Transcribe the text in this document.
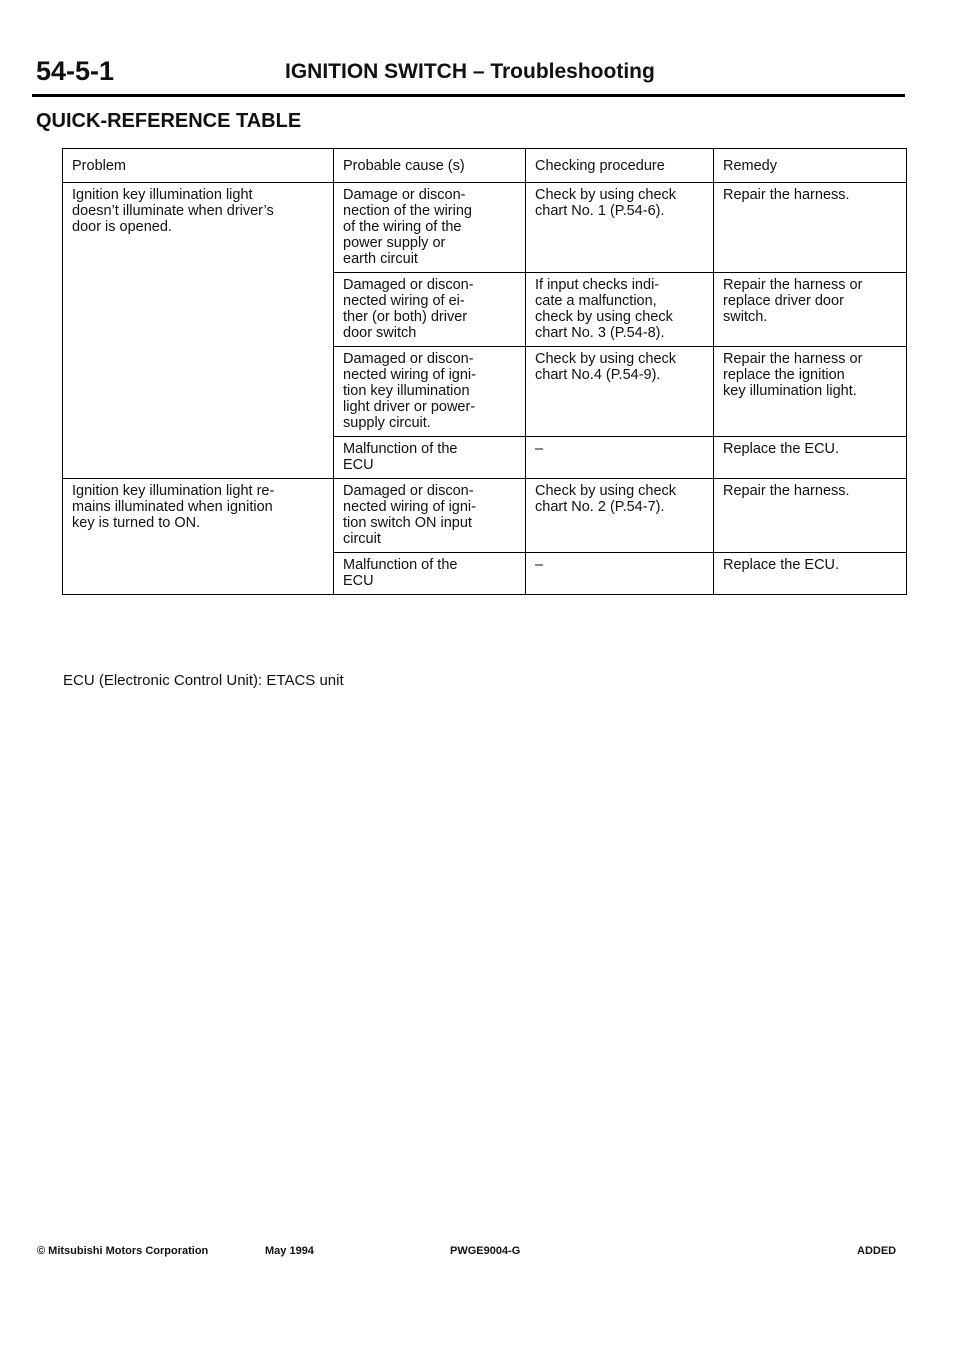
54-5-1	IGNITION SWITCH – Troubleshooting
QUICK-REFERENCE TABLE
Problem	Probable cause (s)	Checking procedure	Remedy
Ignition key illumination light
doesn’t illuminate when driver’s
door is opened.	Damage or discon-
nection of the wiring
of the wiring of the
power supply or
earth circuit	Check by using check
chart No. 1 (P.54-6).	Repair the harness.
	Damaged or discon-
nected wiring of ei-
ther (or both) driver
door switch	If input checks indi-
cate a malfunction,
check by using check
chart No. 3 (P.54-8).	Repair the harness or
replace driver door
switch.
	Damaged or discon-
nected wiring of igni-
tion key illumination
light driver or power-
supply circuit.	Check by using check
chart No.4 (P.54-9).	Repair the harness or
replace the ignition
key illumination light.
	Malfunction of the
ECU	–	Replace the ECU.
Ignition key illumination light re-
mains illuminated when ignition
key is turned to ON.	Damaged or discon-
nected wiring of igni-
tion switch ON input
circuit	Check by using check
chart No. 2 (P.54-7).	Repair the harness.
	Malfunction of the
ECU	–	Replace the ECU.
ECU (Electronic Control Unit): ETACS unit
© Mitsubishi Motors Corporation	May 1994	PWGE9004-G	ADDED
